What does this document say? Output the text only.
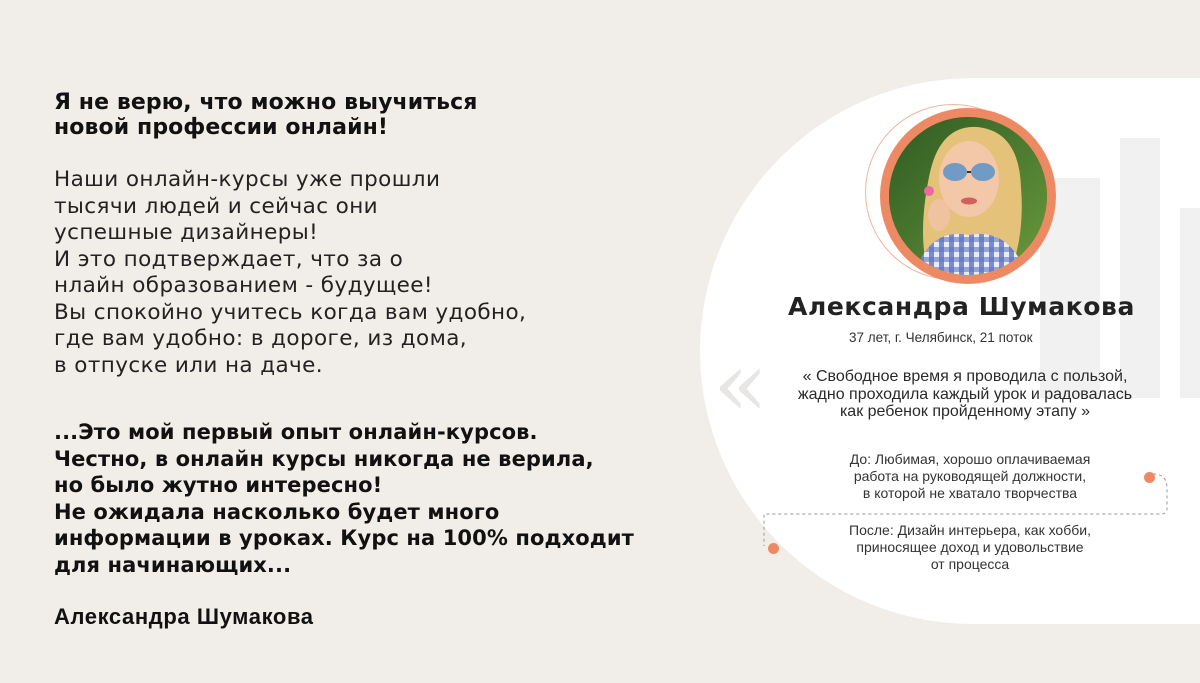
Я не верю, что можно выучиться
новой профессии онлайн!

Наши онлайн-курсы уже прошли
тысячи людей и сейчас они
успешные дизайнеры!
И это подтверждает, что за о
нлайн образованием - будущее!
Вы спокойно учитесь когда вам удобно,
где вам удобно: в дороге, из дома,
в отпуске или на даче.
...Это мой первый опыт онлайн-курсов.
Честно, в онлайн курсы никогда не верила,
но было жутно интересно!
Не ожидала насколько будет много
информации в уроках. Курс на 100% подходит
для начинающих...
Александра Шумакова
«
Александра Шумакова
37 лет, г. Челябинск, 21 поток
« Свободное время я проводила с пользой,
жадно проходила каждый урок и радовалась
как ребенок пройденному этапу »
До: Любимая, хорошо оплачиваемая
работа на руководящей должности,
в которой не хватало творчества
После: Дизайн интерьера, как хобби,
приносящее доход и удовольствие
от процесса
